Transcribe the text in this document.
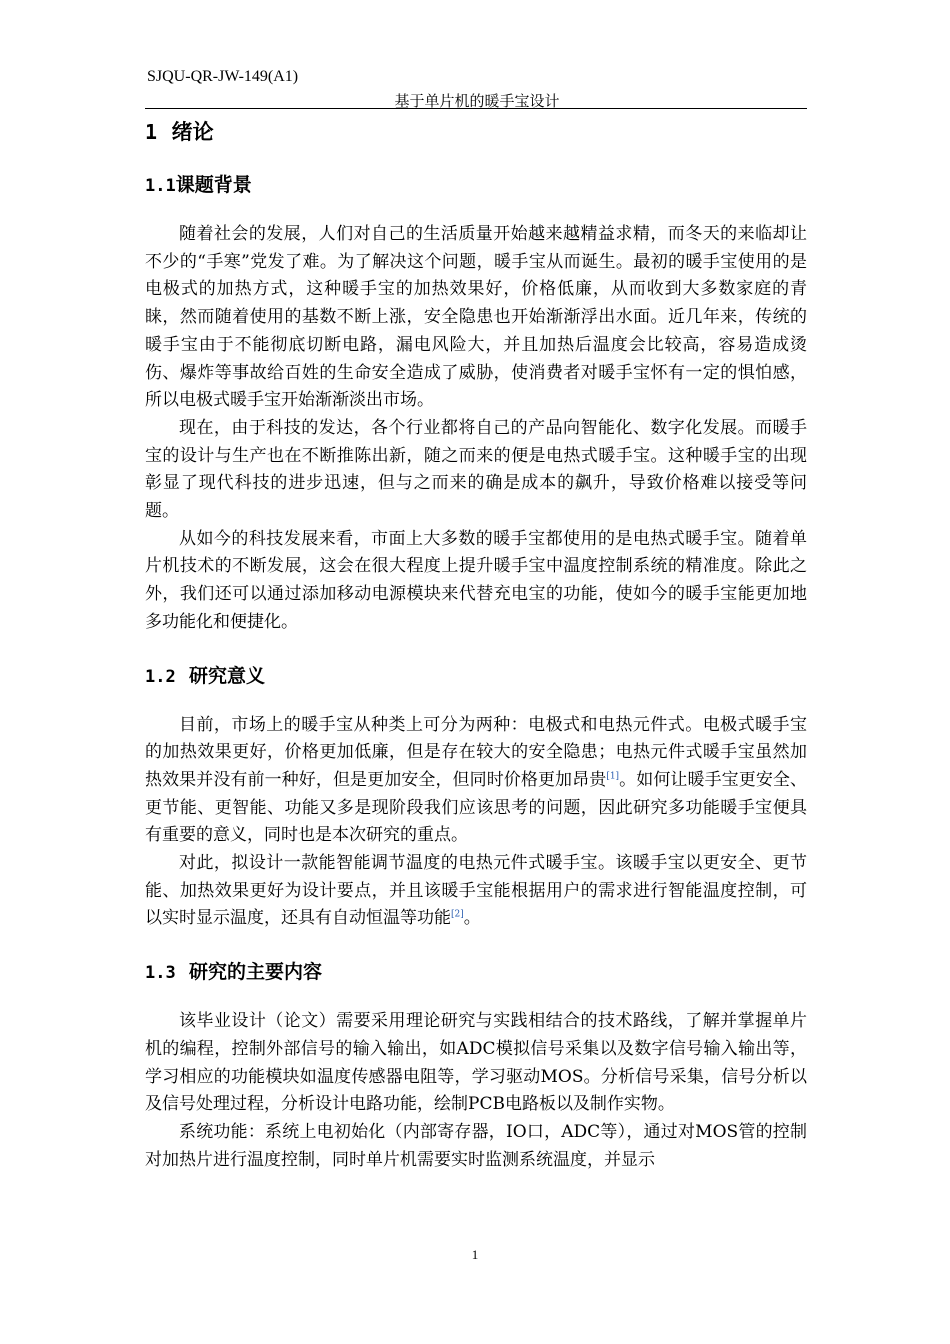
SJQU-QR-JW-149(A1)
基于单片机的暖手宝设计
1 绪论
1.1课题背景

随着社会的发展，人们对自己的生活质量开始越来越精益求精，而冬天的来临却让不少的“手寒”党发了难。为了解决这个问题，暖手宝从而诞生。最初的暖手宝使用的是电极式的加热方式，这种暖手宝的加热效果好，价格低廉，从而收到大多数家庭的青睐，然而随着使用的基数不断上涨，安全隐患也开始渐渐浮出水面。近几年来，传统的暖手宝由于不能彻底切断电路，漏电风险大，并且加热后温度会比较高，容易造成烫伤、爆炸等事故给百姓的生命安全造成了威胁，使消费者对暖手宝怀有一定的惧怕感，所以电极式暖手宝开始渐渐淡出市场。

现在，由于科技的发达，各个行业都将自己的产品向智能化、数字化发展。而暖手宝的设计与生产也在不断推陈出新，随之而来的便是电热式暖手宝。这种暖手宝的出现彰显了现代科技的进步迅速，但与之而来的确是成本的飙升，导致价格难以接受等问题。

从如今的科技发展来看，市面上大多数的暖手宝都使用的是电热式暖手宝。随着单片机技术的不断发展，这会在很大程度上提升暖手宝中温度控制系统的精准度。除此之外，我们还可以通过添加移动电源模块来代替充电宝的功能，使如今的暖手宝能更加地多功能化和便捷化。

1.2 研究意义

目前，市场上的暖手宝从种类上可分为两种：电极式和电热元件式。电极式暖手宝的加热效果更好，价格更加低廉，但是存在较大的安全隐患；电热元件式暖手宝虽然加热效果并没有前一种好，但是更加安全，但同时价格更加昂贵[1]。如何让暖手宝更安全、更节能、更智能、功能又多是现阶段我们应该思考的问题，因此研究多功能暖手宝便具有重要的意义，同时也是本次研究的重点。

对此，拟设计一款能智能调节温度的电热元件式暖手宝。该暖手宝以更安全、更节能、加热效果更好为设计要点，并且该暖手宝能根据用户的需求进行智能温度控制，可以实时显示温度，还具有自动恒温等功能[2]。

1.3 研究的主要内容

该毕业设计（论文）需要采用理论研究与实践相结合的技术路线，了解并掌握单片机的编程，控制外部信号的输入输出，如ADC模拟信号采集以及数字信号输入输出等，学习相应的功能模块如温度传感器电阻等，学习驱动MOS。分析信号采集，信号分析以及信号处理过程，分析设计电路功能，绘制PCB电路板以及制作实物。

系统功能：系统上电初始化（内部寄存器，IO口，ADC等），通过对MOS管的控制对加热片进行温度控制，同时单片机需要实时监测系统温度，并显示

1
